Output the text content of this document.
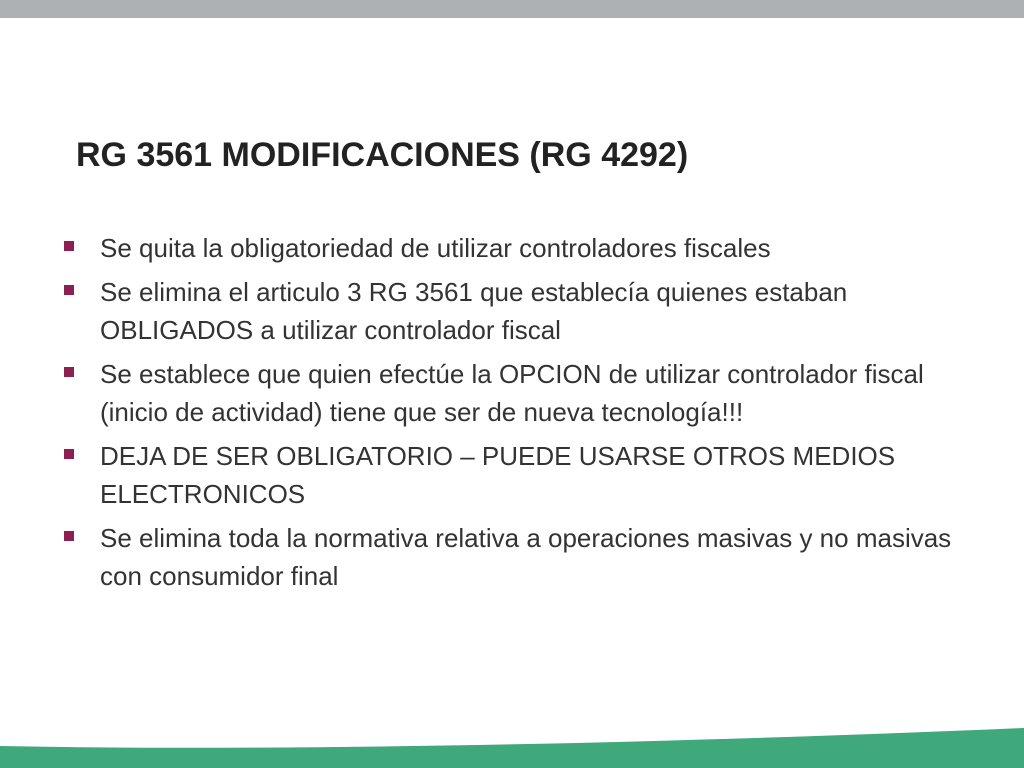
RG 3561 MODIFICACIONES (RG 4292)
Se quita la obligatoriedad de utilizar controladores fiscales
Se elimina el articulo 3 RG 3561 que establecía quienes estaban OBLIGADOS a utilizar controlador fiscal
Se establece que quien efectúe la OPCION de utilizar controlador fiscal (inicio de actividad) tiene que ser de nueva tecnología!!!
DEJA DE SER OBLIGATORIO – PUEDE USARSE OTROS MEDIOS ELECTRONICOS
Se elimina toda la normativa relativa a operaciones masivas y no masivas con consumidor final
